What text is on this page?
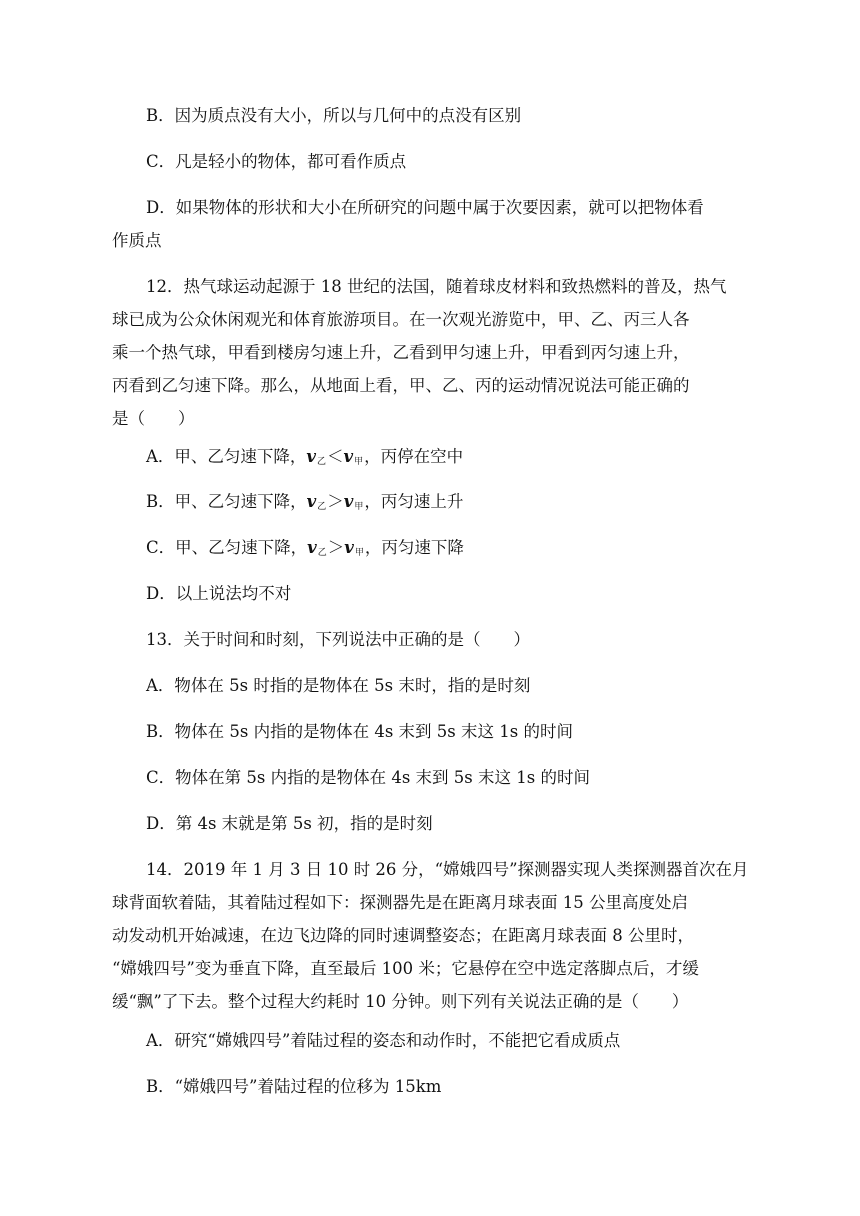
B．因为质点没有大小，所以与几何中的点没有区别
C．凡是轻小的物体，都可看作质点
D．如果物体的形状和大小在所研究的问题中属于次要因素，就可以把物体看
作质点
12．热气球运动起源于 18 世纪的法国，随着球皮材料和致热燃料的普及，热气
球已成为公众休闲观光和体育旅游项目。在一次观光游览中，甲、乙、丙三人各
乘一个热气球，甲看到楼房匀速上升，乙看到甲匀速上升，甲看到丙匀速上升，
丙看到乙匀速下降。那么，从地面上看，甲、乙、丙的运动情况说法可能正确的
是（　　）
A．甲、乙匀速下降，$v_乙<v_甲$，丙停在空中
B．甲、乙匀速下降，$v_乙>v_甲$，丙匀速上升
C．甲、乙匀速下降，$v_乙>v_甲$，丙匀速下降
D．以上说法均不对
13．关于时间和时刻，下列说法中正确的是（　　）
A．物体在 5s 时指的是物体在 5s 末时，指的是时刻
B．物体在 5s 内指的是物体在 4s 末到 5s 末这 1s 的时间
C．物体在第 5s 内指的是物体在 4s 末到 5s 末这 1s 的时间
D．第 4s 末就是第 5s 初，指的是时刻
14．2019 年 1 月 3 日 10 时 26 分，“嫦娥四号”探测器实现人类探测器首次在月
球背面软着陆，其着陆过程如下：探测器先是在距离月球表面 15 公里高度处启
动发动机开始减速，在边飞边降的同时速调整姿态；在距离月球表面 8 公里时，
“嫦娥四号”变为垂直下降，直至最后 100 米；它悬停在空中选定落脚点后，才缓
缓“飘”了下去。整个过程大约耗时 10 分钟。则下列有关说法正确的是（　　）
A．研究“嫦娥四号”着陆过程的姿态和动作时，不能把它看成质点
B．“嫦娥四号”着陆过程的位移为 15km
